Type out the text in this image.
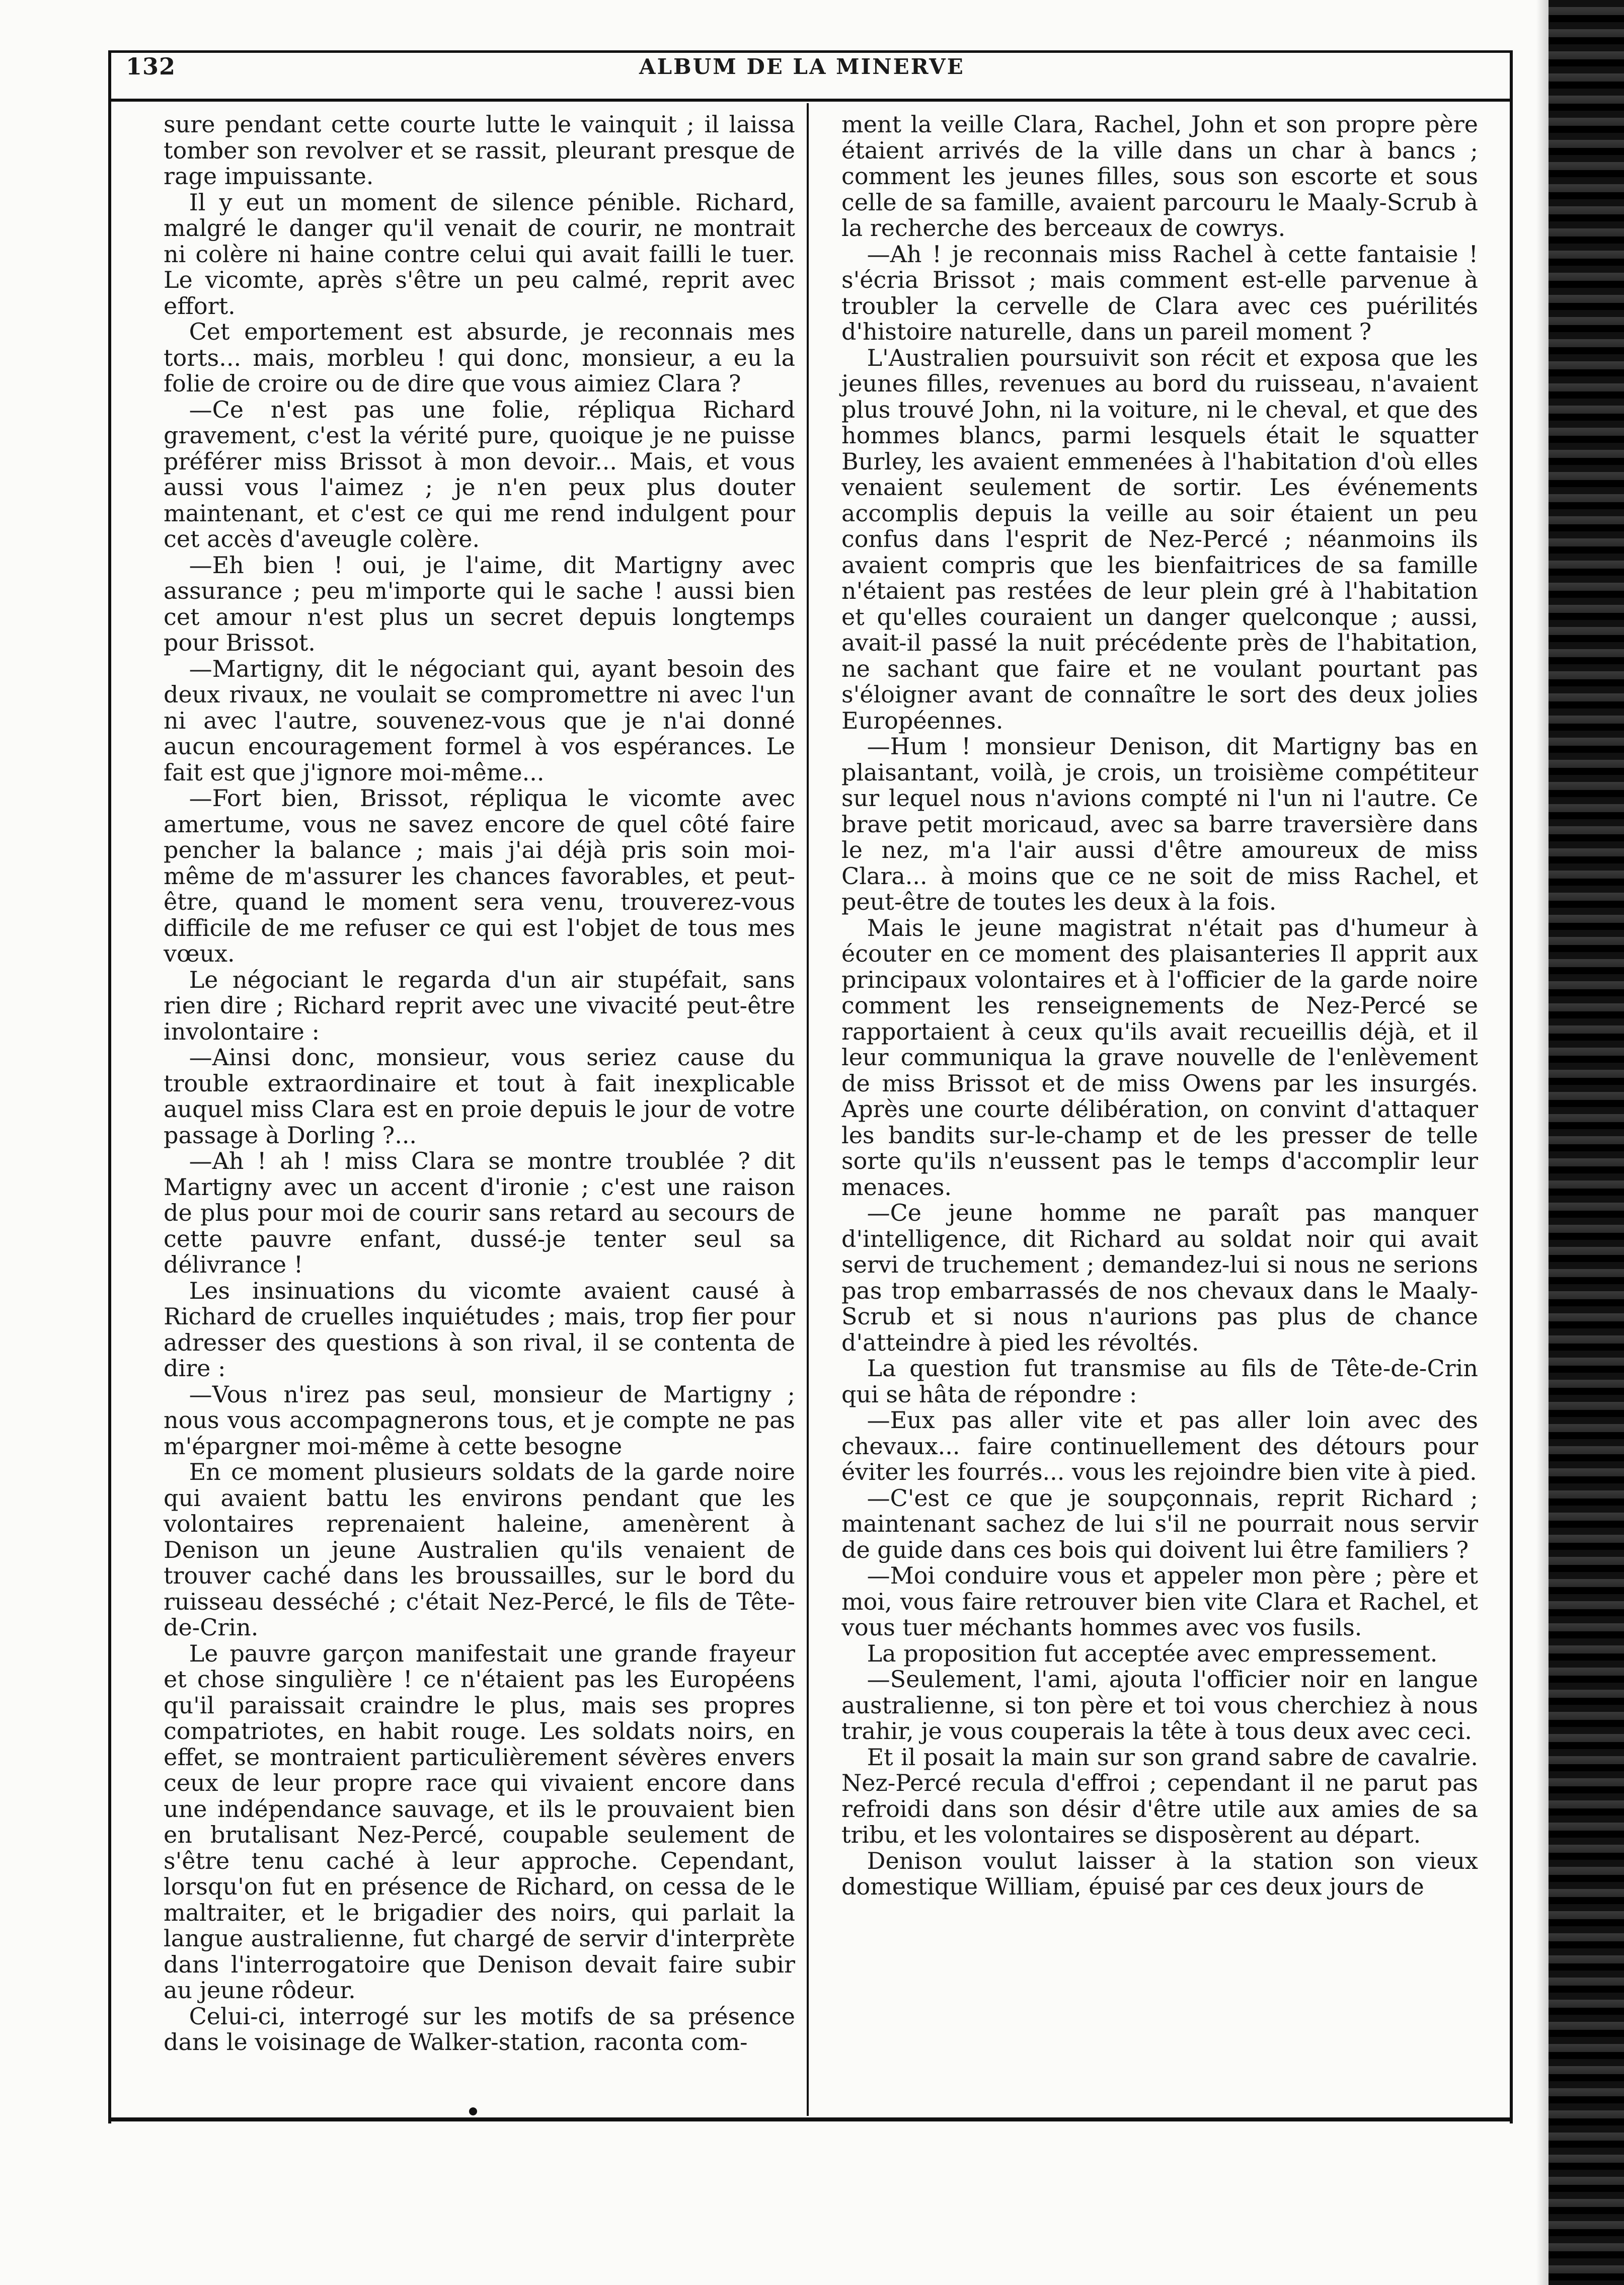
132	ALBUM DE LA MINERVE

sure pendant cette courte lutte le vainquit ; il laissa tomber son revolver et se rassit, pleurant presque de rage impuissante.

Il y eut un moment de silence pénible. Richard, malgré le danger qu'il venait de courir, ne montrait ni colère ni haine contre celui qui avait failli le tuer. Le vicomte, après s'être un peu calmé, reprit avec effort.

Cet emportement est absurde, je reconnais mes torts... mais, morbleu ! qui donc, monsieur, a eu la folie de croire ou de dire que vous aimiez Clara ?

—Ce n'est pas une folie, répliqua Richard gravement, c'est la vérité pure, quoique je ne puisse préférer miss Brissot à mon devoir... Mais, et vous aussi vous l'aimez ; je n'en peux plus douter maintenant, et c'est ce qui me rend indulgent pour cet accès d'aveugle colère.

—Eh bien ! oui, je l'aime, dit Martigny avec assurance ; peu m'importe qui le sache ! aussi bien cet amour n'est plus un secret depuis longtemps pour Brissot.

—Martigny, dit le négociant qui, ayant besoin des deux rivaux, ne voulait se compromettre ni avec l'un ni avec l'autre, souvenez-vous que je n'ai donné aucun encouragement formel à vos espérances. Le fait est que j'ignore moi-même...

—Fort bien, Brissot, répliqua le vicomte avec amertume, vous ne savez encore de quel côté faire pencher la balance ; mais j'ai déjà pris soin moi-même de m'assurer les chances favorables, et peut-être, quand le moment sera venu, trouverez-vous difficile de me refuser ce qui est l'objet de tous mes vœux.

Le négociant le regarda d'un air stupéfait, sans rien dire ; Richard reprit avec une vivacité peut-être involontaire :

—Ainsi donc, monsieur, vous seriez cause du trouble extraordinaire et tout à fait inexplicable auquel miss Clara est en proie depuis le jour de votre passage à Dorling ?...

—Ah ! ah ! miss Clara se montre troublée ? dit Martigny avec un accent d'ironie ; c'est une raison de plus pour moi de courir sans retard au secours de cette pauvre enfant, dussé-je tenter seul sa délivrance !

Les insinuations du vicomte avaient causé à Richard de cruelles inquiétudes ; mais, trop fier pour adresser des questions à son rival, il se contenta de dire :

—Vous n'irez pas seul, monsieur de Martigny ; nous vous accompagnerons tous, et je compte ne pas m'épargner moi-même à cette besogne

En ce moment plusieurs soldats de la garde noire qui avaient battu les environs pendant que les volontaires reprenaient haleine, amenèrent à Denison un jeune Australien qu'ils venaient de trouver caché dans les broussailles, sur le bord du ruisseau desséché ; c'était Nez-Percé, le fils de Tête-de-Crin.

Le pauvre garçon manifestait une grande frayeur et chose singulière ! ce n'étaient pas les Européens qu'il paraissait craindre le plus, mais ses propres compatriotes, en habit rouge. Les soldats noirs, en effet, se montraient particulièrement sévères envers ceux de leur propre race qui vivaient encore dans une indépendance sauvage, et ils le prouvaient bien en brutalisant Nez-Percé, coupable seulement de s'être tenu caché à leur approche. Cependant, lorsqu'on fut en présence de Richard, on cessa de le maltraiter, et le brigadier des noirs, qui parlait la langue australienne, fut chargé de servir d'interprète dans l'interrogatoire que Denison devait faire subir au jeune rôdeur.

Celui-ci, interrogé sur les motifs de sa présence dans le voisinage de Walker-station, raconta com-

ment la veille Clara, Rachel, John et son propre père étaient arrivés de la ville dans un char à bancs ; comment les jeunes filles, sous son escorte et sous celle de sa famille, avaient parcouru le Maaly-Scrub à la recherche des berceaux de cowrys.

—Ah ! je reconnais miss Rachel à cette fantaisie ! s'écria Brissot ; mais comment est-elle parvenue à troubler la cervelle de Clara avec ces puérilités d'histoire naturelle, dans un pareil moment ?

L'Australien poursuivit son récit et exposa que les jeunes filles, revenues au bord du ruisseau, n'avaient plus trouvé John, ni la voiture, ni le cheval, et que des hommes blancs, parmi lesquels était le squatter Burley, les avaient emmenées à l'habitation d'où elles venaient seulement de sortir. Les événements accomplis depuis la veille au soir étaient un peu confus dans l'esprit de Nez-Percé ; néanmoins ils avaient compris que les bienfaitrices de sa famille n'étaient pas restées de leur plein gré à l'habitation et qu'elles couraient un danger quelconque ; aussi, avait-il passé la nuit précédente près de l'habitation, ne sachant que faire et ne voulant pourtant pas s'éloigner avant de connaître le sort des deux jolies Européennes.

—Hum ! monsieur Denison, dit Martigny bas en plaisantant, voilà, je crois, un troisième compétiteur sur lequel nous n'avions compté ni l'un ni l'autre. Ce brave petit moricaud, avec sa barre traversière dans le nez, m'a l'air aussi d'être amoureux de miss Clara... à moins que ce ne soit de miss Rachel, et peut-être de toutes les deux à la fois.

Mais le jeune magistrat n'était pas d'humeur à écouter en ce moment des plaisanteries Il apprit aux principaux volontaires et à l'officier de la garde noire comment les renseignements de Nez-Percé se rapportaient à ceux qu'ils avait recueillis déjà, et il leur communiqua la grave nouvelle de l'enlèvement de miss Brissot et de miss Owens par les insurgés. Après une courte délibération, on convint d'attaquer les bandits sur-le-champ et de les presser de telle sorte qu'ils n'eussent pas le temps d'accomplir leur menaces.

—Ce jeune homme ne paraît pas manquer d'intelligence, dit Richard au soldat noir qui avait servi de truchement ; demandez-lui si nous ne serions pas trop embarrassés de nos chevaux dans le Maaly-Scrub et si nous n'aurions pas plus de chance d'atteindre à pied les révoltés.

La question fut transmise au fils de Tête-de-Crin qui se hâta de répondre :

—Eux pas aller vite et pas aller loin avec des chevaux... faire continuellement des détours pour éviter les fourrés... vous les rejoindre bien vite à pied.

—C'est ce que je soupçonnais, reprit Richard ; maintenant sachez de lui s'il ne pourrait nous servir de guide dans ces bois qui doivent lui être familiers ?

—Moi conduire vous et appeler mon père ; père et moi, vous faire retrouver bien vite Clara et Rachel, et vous tuer méchants hommes avec vos fusils.

La proposition fut acceptée avec empressement.

—Seulement, l'ami, ajouta l'officier noir en langue australienne, si ton père et toi vous cherchiez à nous trahir, je vous couperais la tête à tous deux avec ceci.

Et il posait la main sur son grand sabre de cavalrie. Nez-Percé recula d'effroi ; cependant il ne parut pas refroidi dans son désir d'être utile aux amies de sa tribu, et les volontaires se disposèrent au départ.

Denison voulut laisser à la station son vieux domestique William, épuisé par ces deux jours de
